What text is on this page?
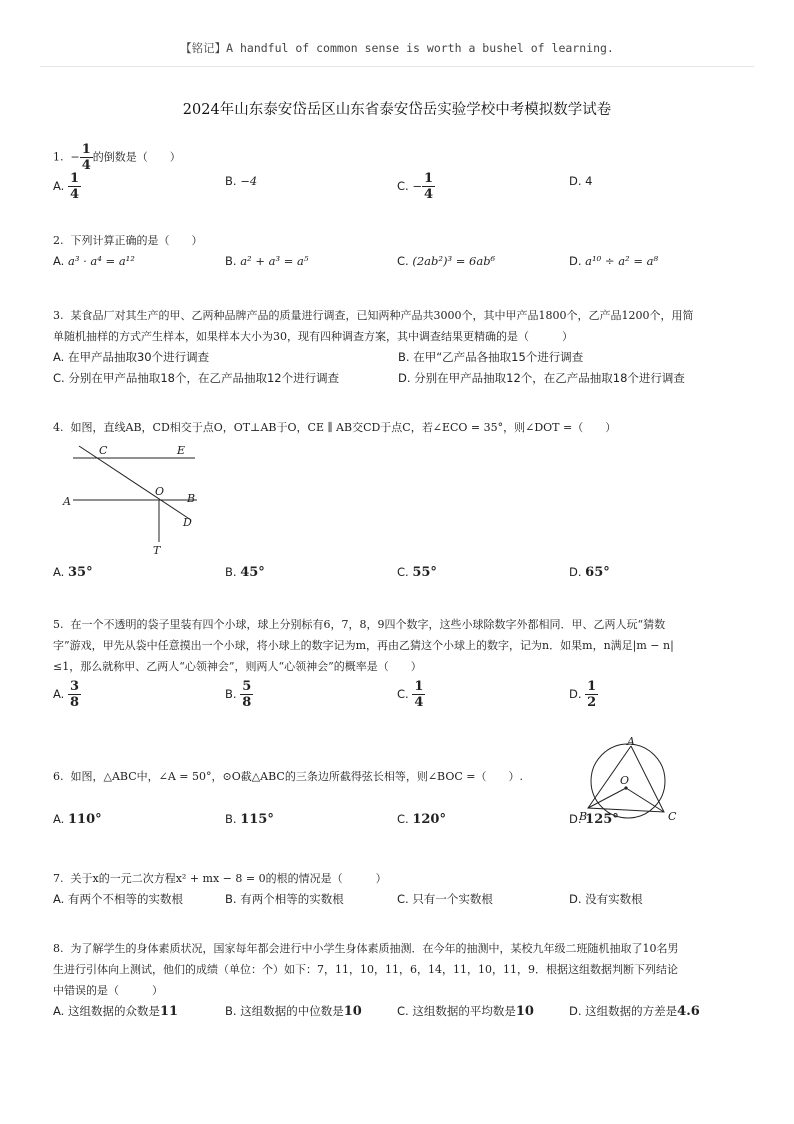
【铭记】A handful of common sense is worth a bushel of learning.
2024年山东泰安岱岳区山东省泰安岱岳实验学校中考模拟数学试卷
1. − $\frac{1}{4}$ 的倒数是（　　）
A. $\frac{1}{4}$	B. −4	C. − $\frac{1}{4}$	D. 4
2. 下列计算正确的是（　　）
A. a³ · a⁴ = a¹²	B. a² + a³ = a⁵	C. (2ab²)³ = 6ab⁶	D. a¹⁰ ÷ a² = a⁸
3. 某食品厂对其生产的甲、乙两种品牌产品的质量进行调查，已知两种产品共3000个，其中甲产品1800个，乙产品1200个，用简
单随机抽样的方式产生样本，如果样本大小为30，现有四种调查方案，其中调查结果更精确的是（　　　）
A. 在甲产品抽取30个进行调查	B. 在甲“乙产品各抽取15个进行调查
C. 分别在甲产品抽取18个，在乙产品抽取12个进行调查	D. 分别在甲产品抽取12个，在乙产品抽取18个进行调查
4. 如图，直线AB，CD相交于点O，OT⊥AB于O，CE ∥ AB交CD于点C，若∠ECO = 35°，则∠DOT =（　　）
C	E
A
O
B
D
T
A. 35°	B. 45°	C. 55°	D. 65°
5. 在一个不透明的袋子里装有四个小球，球上分别标有6，7，8，9四个数字，这些小球除数字外都相同．甲、乙两人玩“猜数
字”游戏，甲先从袋中任意摸出一个小球，将小球上的数字记为m，再由乙猜这个小球上的数字，记为n．如果m，n满足|m − n|
≤1，那么就称甲、乙两人“心领神会”，则两人“心领神会”的概率是（　　）
A. $\frac{3}{8}$	B. $\frac{5}{8}$	C. $\frac{1}{4}$	D. $\frac{1}{2}$
6. 如图，△ABC中，∠A = 50°，⊙O截△ABC的三条边所截得弦长相等，则∠BOC =（　　）.
A. 110°	B. 115°	C. 120°	D. 125°
A
O
B	C
7. 关于x的一元二次方程x² + mx − 8 = 0的根的情况是（　　　）
A. 有两个不相等的实数根	B. 有两个相等的实数根	C. 只有一个实数根	D. 没有实数根
8. 为了解学生的身体素质状况，国家每年都会进行中小学生身体素质抽测．在今年的抽测中，某校九年级二班随机抽取了10名男
生进行引体向上测试，他们的成绩（单位：个）如下：7，11，10，11，6，14，11，10，11，9．根据这组数据判断下列结论
中错误的是（　　　）
A. 这组数据的众数是11	B. 这组数据的中位数是10	C. 这组数据的平均数是10	D. 这组数据的方差是4.6
